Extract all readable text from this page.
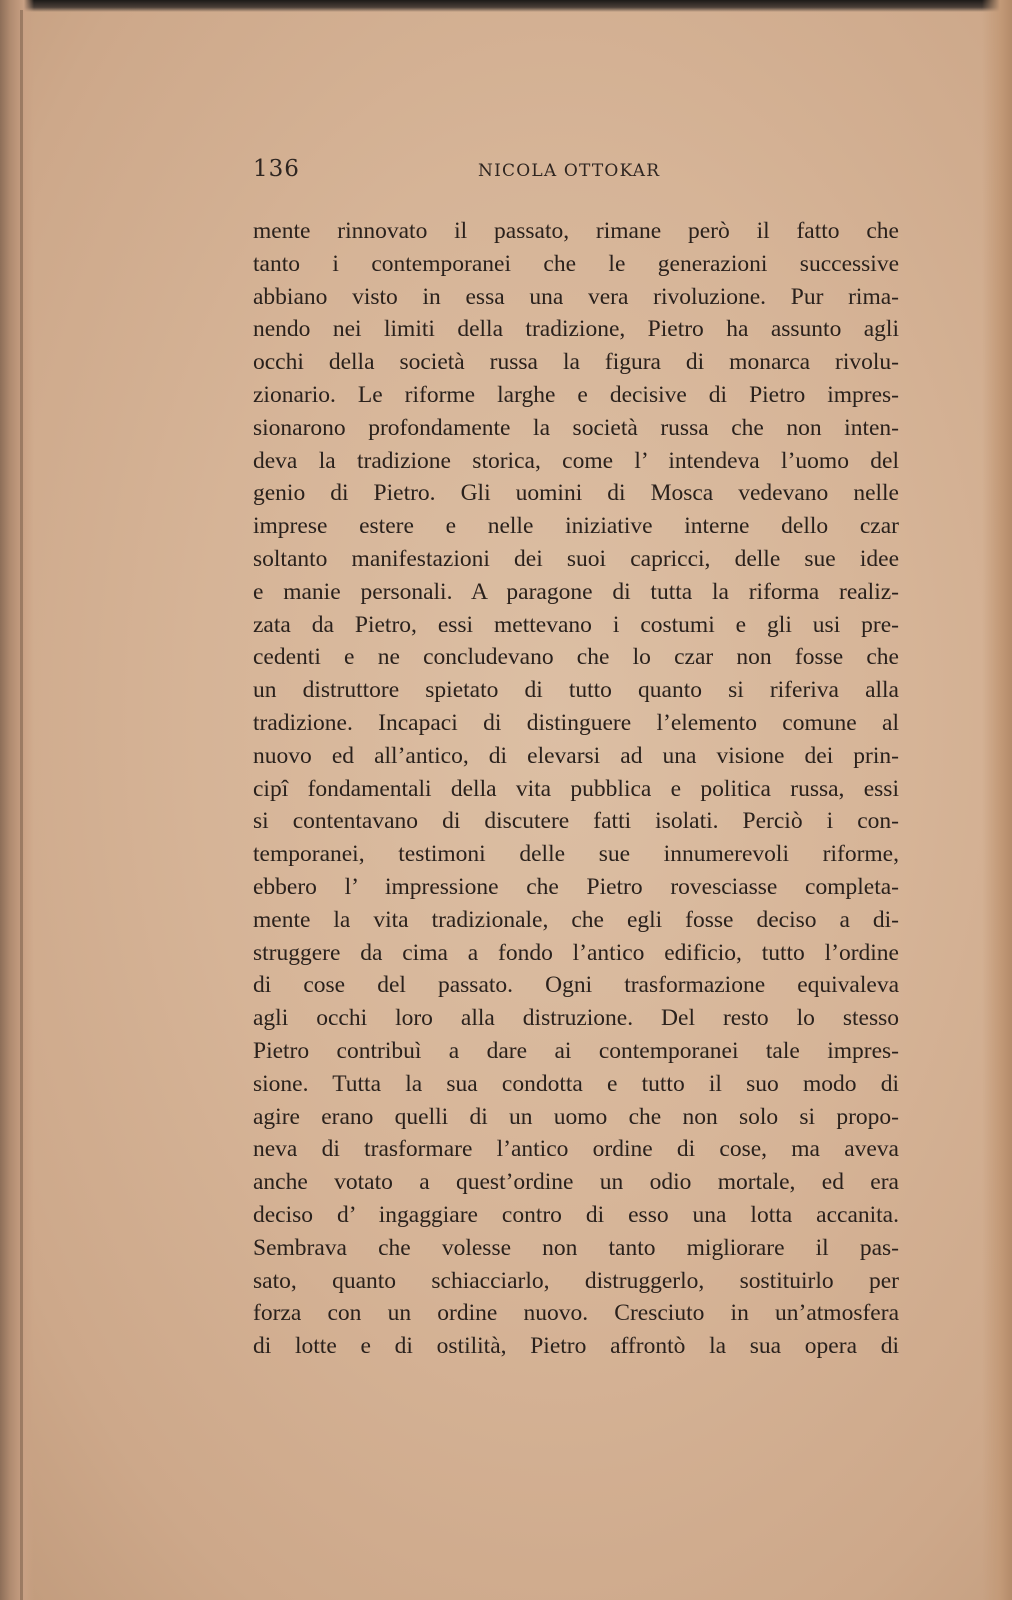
136	NICOLA OTTOKAR
mente rinnovato il passato, rimane però il fatto che
tanto i contemporanei che le generazioni successive
abbiano visto in essa una vera rivoluzione. Pur rima-
nendo nei limiti della tradizione, Pietro ha assunto agli
occhi della società russa la figura di monarca rivolu-
zionario. Le riforme larghe e decisive di Pietro impres-
sionarono profondamente la società russa che non inten-
deva la tradizione storica, come l’ intendeva l’uomo del
genio di Pietro. Gli uomini di Mosca vedevano nelle
imprese estere e nelle iniziative interne dello czar
soltanto manifestazioni dei suoi capricci, delle sue idee
e manie personali. A paragone di tutta la riforma realiz-
zata da Pietro, essi mettevano i costumi e gli usi pre-
cedenti e ne concludevano che lo czar non fosse che
un distruttore spietato di tutto quanto si riferiva alla
tradizione. Incapaci di distinguere l’elemento comune al
nuovo ed all’antico, di elevarsi ad una visione dei prin-
cipî fondamentali della vita pubblica e politica russa, essi
si contentavano di discutere fatti isolati. Perciò i con-
temporanei, testimoni delle sue innumerevoli riforme,
ebbero l’ impressione che Pietro rovesciasse completa-
mente la vita tradizionale, che egli fosse deciso a di-
struggere da cima a fondo l’antico edificio, tutto l’ordine
di cose del passato. Ogni trasformazione equivaleva
agli occhi loro alla distruzione. Del resto lo stesso
Pietro contribuì a dare ai contemporanei tale impres-
sione. Tutta la sua condotta e tutto il suo modo di
agire erano quelli di un uomo che non solo si propo-
neva di trasformare l’antico ordine di cose, ma aveva
anche votato a quest’ordine un odio mortale, ed era
deciso d’ ingaggiare contro di esso una lotta accanita.
Sembrava che volesse non tanto migliorare il pas-
sato, quanto schiacciarlo, distruggerlo, sostituirlo per
forza con un ordine nuovo. Cresciuto in un’atmosfera
di lotte e di ostilità, Pietro affrontò la sua opera di
